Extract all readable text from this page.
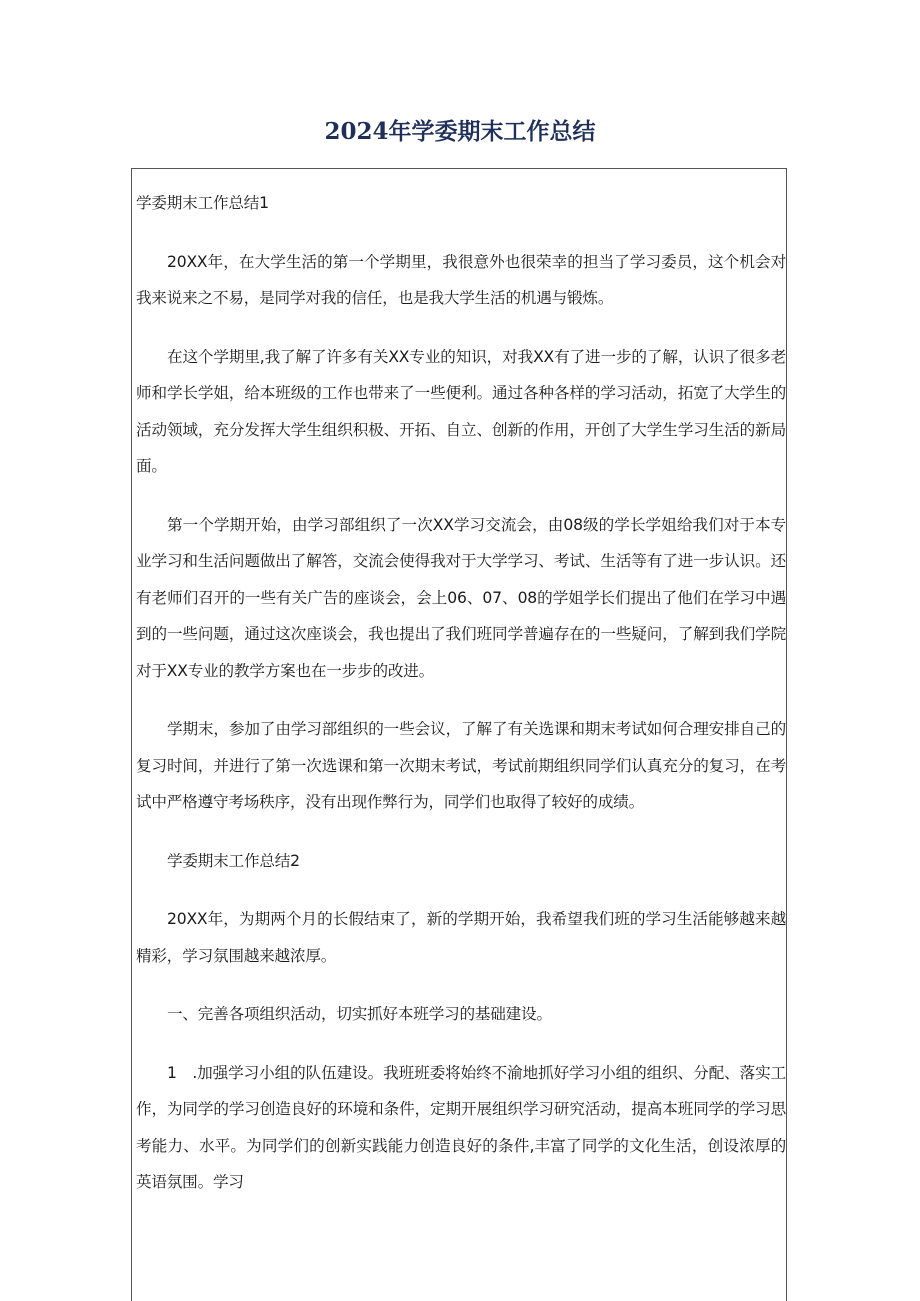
2024年学委期末工作总结

学委期末工作总结1

20XX年，在大学生活的第一个学期里，我很意外也很荣幸的担当了学习委员，这个机会对我来说来之不易，是同学对我的信任，也是我大学生活的机遇与锻炼。

在这个学期里,我了解了许多有关XX专业的知识，对我XX有了进一步的了解，认识了很多老师和学长学姐，给本班级的工作也带来了一些便利。通过各种各样的学习活动，拓宽了大学生的活动领域，充分发挥大学生组织积极、开拓、自立、创新的作用，开创了大学生学习生活的新局面。

第一个学期开始，由学习部组织了一次XX学习交流会，由08级的学长学姐给我们对于本专业学习和生活问题做出了解答，交流会使得我对于大学学习、考试、生活等有了进一步认识。还有老师们召开的一些有关广告的座谈会，会上06、07、08的学姐学长们提出了他们在学习中遇到的一些问题，通过这次座谈会，我也提出了我们班同学普遍存在的一些疑问，了解到我们学院对于XX专业的教学方案也在一步步的改进。

学期末，参加了由学习部组织的一些会议，了解了有关选课和期末考试如何合理安排自己的复习时间，并进行了第一次选课和第一次期末考试，考试前期组织同学们认真充分的复习，在考试中严格遵守考场秩序，没有出现作弊行为，同学们也取得了较好的成绩。

学委期末工作总结2

20XX年，为期两个月的长假结束了，新的学期开始，我希望我们班的学习生活能够越来越精彩，学习氛围越来越浓厚。

一、完善各项组织活动，切实抓好本班学习的基础建设。

1　.加强学习小组的队伍建设。我班班委将始终不渝地抓好学习小组的组织、分配、落实工作，为同学的学习创造良好的环境和条件，定期开展组织学习研究活动，提高本班同学的学习思考能力、水平。为同学们的创新实践能力创造良好的条件,丰富了同学的文化生活，创设浓厚的英语氛围。学习
